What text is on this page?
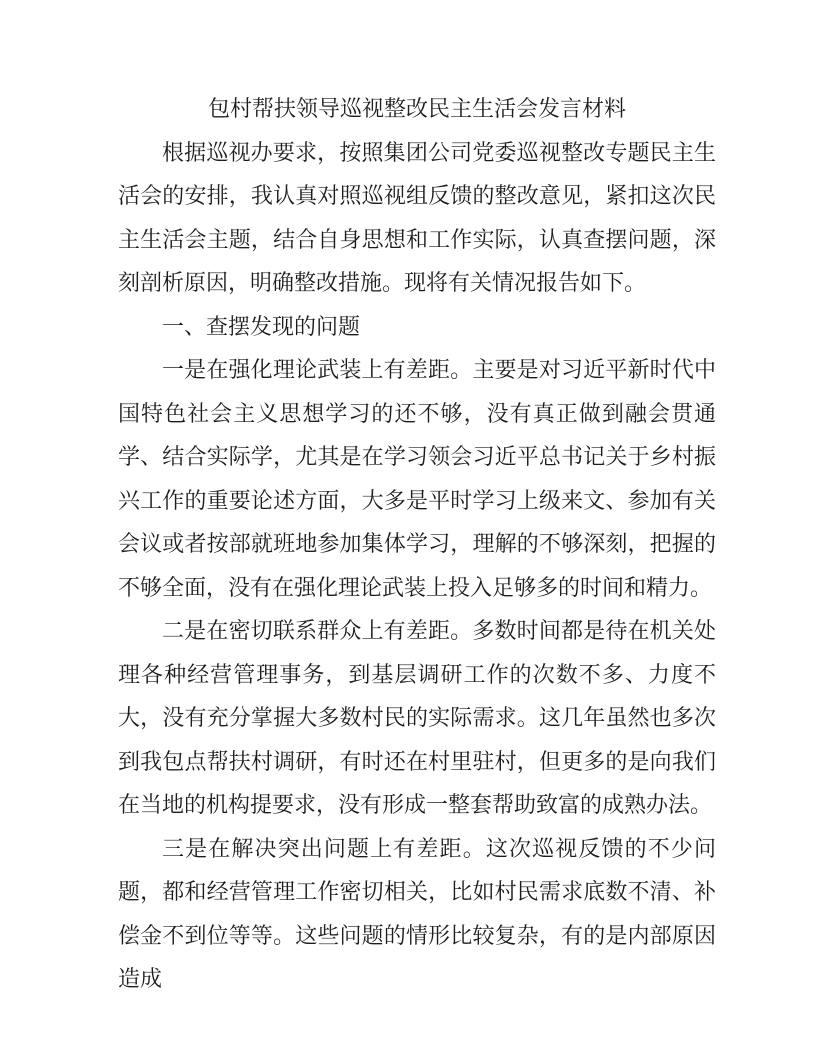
包村帮扶领导巡视整改民主生活会发言材料

根据巡视办要求，按照集团公司党委巡视整改专题民主生活会的安排，我认真对照巡视组反馈的整改意见，紧扣这次民主生活会主题，结合自身思想和工作实际，认真查摆问题，深刻剖析原因，明确整改措施。现将有关情况报告如下。

一、查摆发现的问题

一是在强化理论武装上有差距。主要是对习近平新时代中国特色社会主义思想学习的还不够，没有真正做到融会贯通学、结合实际学，尤其是在学习领会习近平总书记关于乡村振兴工作的重要论述方面，大多是平时学习上级来文、参加有关会议或者按部就班地参加集体学习，理解的不够深刻，把握的不够全面，没有在强化理论武装上投入足够多的时间和精力。

二是在密切联系群众上有差距。多数时间都是待在机关处理各种经营管理事务，到基层调研工作的次数不多、力度不大，没有充分掌握大多数村民的实际需求。这几年虽然也多次到我包点帮扶村调研，有时还在村里驻村，但更多的是向我们在当地的机构提要求，没有形成一整套帮助致富的成熟办法。

三是在解决突出问题上有差距。这次巡视反馈的不少问题，都和经营管理工作密切相关，比如村民需求底数不清、补偿金不到位等等。这些问题的情形比较复杂，有的是内部原因造成
